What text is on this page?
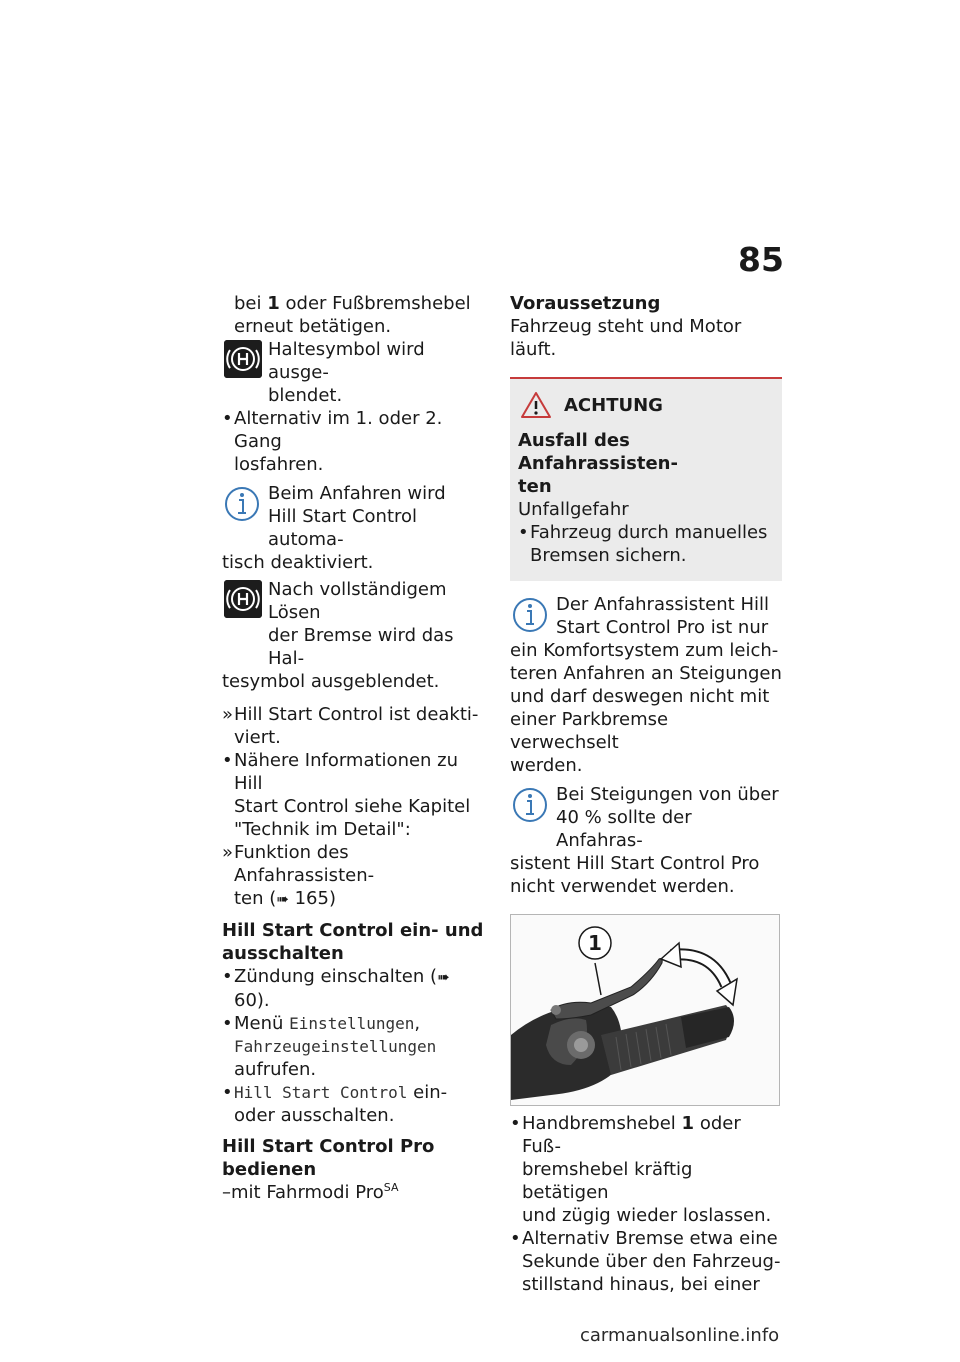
85

bei 1 oder Fußbremshebel
erneut betätigen.

Haltesymbol wird ausge-
blendet.

• Alternativ im 1. oder 2. Gang
losfahren.

Beim Anfahren wird
Hill Start Control automa-

tisch deaktiviert.

Nach vollständigem Lösen
der Bremse wird das Hal-

tesymbol ausgeblendet.

» Hill Start Control ist deakti-
viert.

• Nähere Informationen zu Hill
Start Control siehe Kapitel
"Technik im Detail":

» Funktion des Anfahrassisten-
ten (➠ 165)

Hill Start Control ein- und
ausschalten

• Zündung einschalten (➠ 60).

• Menü Einstellungen,
Fahrzeugeinstellungen
aufrufen.

• Hill Start Control ein-
oder ausschalten.

Hill Start Control Pro
bedienen

–mit Fahrmodi Pro$^{SA}$

Voraussetzung

Fahrzeug steht und Motor läuft.

ACHTUNG

Ausfall des Anfahrassisten-
ten

Unfallgefahr

• Fahrzeug durch manuelles
Bremsen sichern.

Der Anfahrassistent Hill
Start Control Pro ist nur

ein Komfortsystem zum leich-
teren Anfahren an Steigungen
und darf deswegen nicht mit
einer Parkbremse verwechselt
werden.

Bei Steigungen von über
40 % sollte der Anfahras-

sistent Hill Start Control Pro
nicht verwendet werden.

1

• Handbremshebel 1 oder Fuß-
bremshebel kräftig betätigen
und zügig wieder loslassen.

• Alternativ Bremse etwa eine
Sekunde über den Fahrzeug-
stillstand hinaus, bei einer

carmanualsonline.info
